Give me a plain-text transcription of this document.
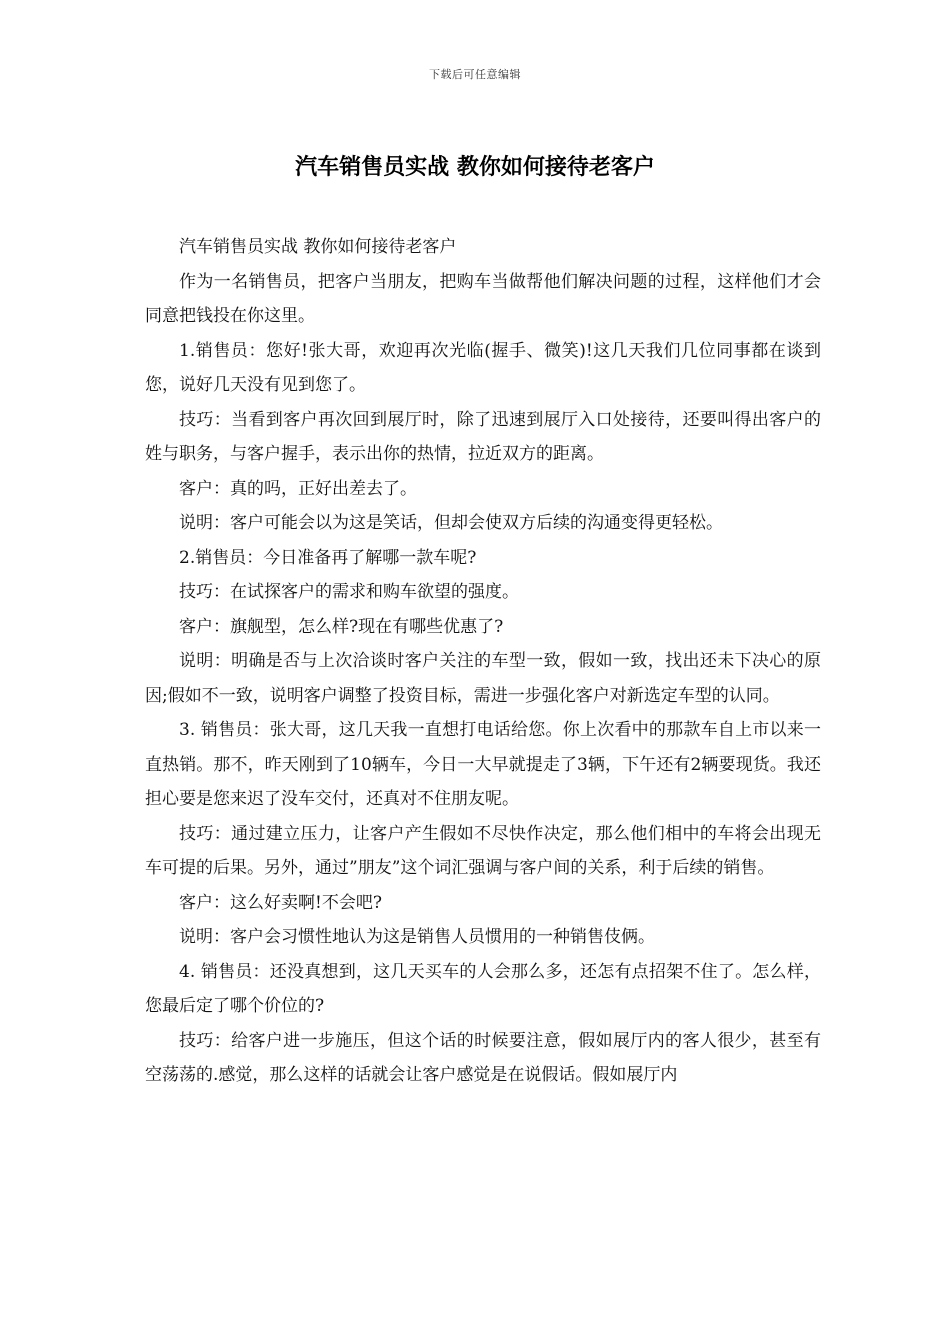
下载后可任意编辑
汽车销售员实战 教你如何接待老客户

汽车销售员实战 教你如何接待老客户

作为一名销售员，把客户当朋友，把购车当做帮他们解决问题的过程，这样他们才会同意把钱投在你这里。

1.销售员：您好!张大哥，欢迎再次光临(握手、微笑)!这几天我们几位同事都在谈到您，说好几天没有见到您了。

技巧：当看到客户再次回到展厅时，除了迅速到展厅入口处接待，还要叫得出客户的姓与职务，与客户握手，表示出你的热情，拉近双方的距离。

客户：真的吗，正好出差去了。

说明：客户可能会以为这是笑话，但却会使双方后续的沟通变得更轻松。

2.销售员：今日准备再了解哪一款车呢?

技巧：在试探客户的需求和购车欲望的强度。

客户：旗舰型，怎么样?现在有哪些优惠了?

说明：明确是否与上次洽谈时客户关注的车型一致，假如一致，找出还未下决心的原因;假如不一致，说明客户调整了投资目标，需进一步强化客户对新选定车型的认同。

3. 销售员：张大哥，这几天我一直想打电话给您。你上次看中的那款车自上市以来一直热销。那不，昨天刚到了10辆车，今日一大早就提走了3辆，下午还有2辆要现货。我还担心要是您来迟了没车交付，还真对不住朋友呢。

技巧：通过建立压力，让客户产生假如不尽快作决定，那么他们相中的车将会出现无车可提的后果。另外，通过”朋友”这个词汇强调与客户间的关系，利于后续的销售。

客户：这么好卖啊!不会吧?

说明：客户会习惯性地认为这是销售人员惯用的一种销售伎俩。

4. 销售员：还没真想到，这几天买车的人会那么多，还怎有点招架不住了。怎么样，您最后定了哪个价位的?

技巧：给客户进一步施压，但这个话的时候要注意，假如展厅内的客人很少，甚至有空荡荡的.感觉，那么这样的话就会让客户感觉是在说假话。假如展厅内
